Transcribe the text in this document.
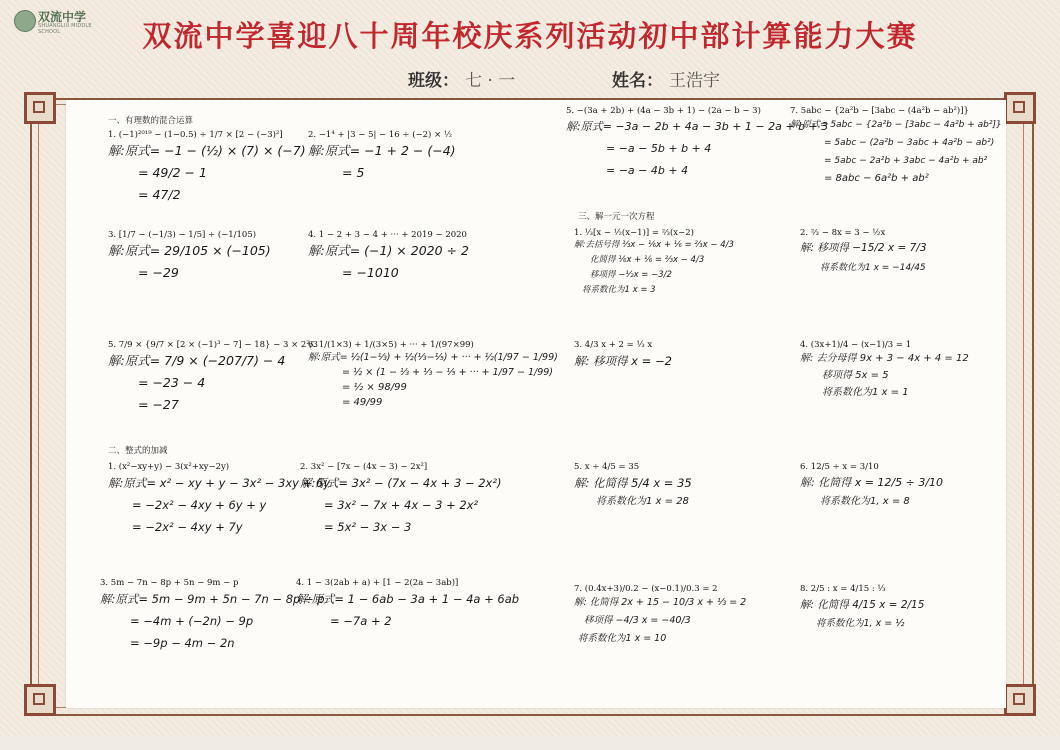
双流中学
SHUANGLIU MIDDLE SCHOOL	双流中学喜迎八十周年校庆系列活动初中部计算能力大赛
班级： 七 · 一	姓名： 王浩宇
一、有理数的混合运算
二、整式的加减
三、解一元一次方程
1. (−1)²⁰¹⁹ − (1−0.5) ÷ 1/7 × [2 − (−3)²]
解:原式= −1 − (½) × (7) × (−7)
= 49/2 − 1
= 47/2
2. −1⁴ + |3 − 5| − 16 ÷ (−2) × ½
解:原式= −1 + 2 − (−4)
= 5
3. [1/7 − (−1/3) − 1/5] ÷ (−1/105)
解:原式= 29/105 × (−105)
= −29
4. 1 − 2 + 3 − 4 + ··· + 2019 − 2020
解:原式= (−1) × 2020 ÷ 2
= −1010
5. 7/9 × {9/7 × [2 × (−1)³ − 7] − 18} − 3 × 2²/3
解:原式= 7/9 × (−207/7) − 4
= −23 − 4
= −27
6. 1/(1×3) + 1/(3×5) + ··· + 1/(97×99)
解:原式= ½(1−⅓) + ½(⅓−⅕) + ··· + ½(1/97 − 1/99)
= ½ × (1 − ⅓ + ⅓ − ⅕ + ··· + 1/97 − 1/99)
= ½ × 98/99
= 49/99
1. (x²−xy+y) − 3(x²+xy−2y)
解:原式= x² − xy + y − 3x² − 3xy + 6y
= −2x² − 4xy + 6y + y
= −2x² − 4xy + 7y
2. 3x² − [7x − (4x − 3) − 2x²]
解:原式= 3x² − (7x − 4x + 3 − 2x²)
= 3x² − 7x + 4x − 3 + 2x²
= 5x² − 3x − 3
3. 5m − 7n − 8p + 5n − 9m − p
解:原式= 5m − 9m + 5n − 7n − 8p − p
= −4m + (−2n) − 9p
= −9p − 4m − 2n
4. 1 − 3(2ab + a) + [1 − 2(2a − 3ab)]
解:原式= 1 − 6ab − 3a + 1 − 4a + 6ab
= −7a + 2
5. −(3a + 2b) + (4a − 3b + 1) − (2a − b − 3)
解:原式= −3a − 2b + 4a − 3b + 1 − 2a + b + 3
= −a − 5b + b + 4
= −a − 4b + 4
7. 5abc − {2a²b − [3abc − (4a²b − ab²)]}
解:原式= 5abc − {2a²b − [3abc − 4a²b + ab²]}
= 5abc − (2a²b − 3abc + 4a²b − ab²)
= 5abc − 2a²b + 3abc − 4a²b + ab²
= 8abc − 6a²b + ab²
1. ⅓[x − ½(x−1)] = ⅔(x−2)
解:去括号得 ⅓x − ⅙x + ⅙ = ⅔x − 4/3
化简得 ⅙x + ⅙ = ⅔x − 4/3
移项得 −½x = −3/2
将系数化为1 x = 3
2. ⅔ − 8x = 3 − ½x
解: 移项得 −15/2 x = 7/3
将系数化为1 x = −14/45
3. 4/3 x + 2 = ⅓ x
解: 移项得 x = −2
4. (3x+1)/4 − (x−1)/3 = 1
解: 去分母得 9x + 3 − 4x + 4 = 12
移项得 5x = 5
将系数化为1 x = 1
5. x ÷ 4/5 = 35
解: 化简得 5/4 x = 35
将系数化为1 x = 28
6. 12/5 ÷ x = 3/10
解: 化简得 x = 12/5 ÷ 3/10
将系数化为1, x = 8
7. (0.4x+3)/0.2 − (x−0.1)/0.3 = 2
解: 化简得 2x + 15 − 10/3 x + ⅓ = 2
移项得 −4/3 x = −40/3
将系数化为1 x = 10
8. 2/5 : x = 4/15 : ⅓
解: 化简得 4/15 x = 2/15
将系数化为1, x = ½
